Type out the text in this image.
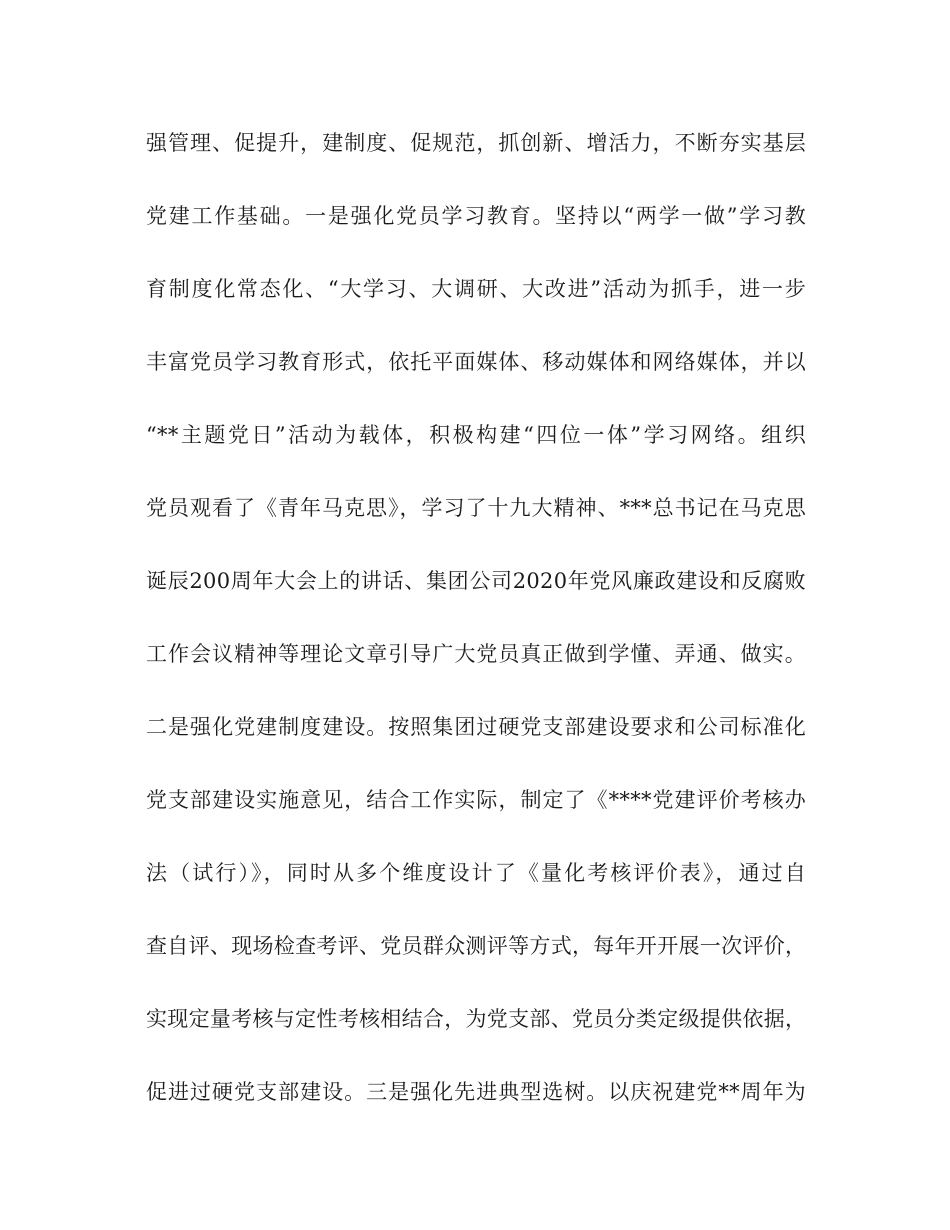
强管理、促提升，建制度、促规范，抓创新、增活力，不断夯实基层
党建工作基础。一是强化党员学习教育。坚持以“两学一做”学习教
育制度化常态化、“大学习、大调研、大改进”活动为抓手，进一步
丰富党员学习教育形式，依托平面媒体、移动媒体和网络媒体，并以
“**主题党日”活动为载体，积极构建“四位一体”学习网络。组织
党员观看了《青年马克思》，学习了十九大精神、***总书记在马克思
诞辰200周年大会上的讲话、集团公司2020年党风廉政建设和反腐败
工作会议精神等理论文章引导广大党员真正做到学懂、弄通、做实。
二是强化党建制度建设。按照集团过硬党支部建设要求和公司标准化
党支部建设实施意见，结合工作实际，制定了《****党建评价考核办
法（试行）》，同时从多个维度设计了《量化考核评价表》，通过自
查自评、现场检查考评、党员群众测评等方式，每年开开展一次评价，
实现定量考核与定性考核相结合，为党支部、党员分类定级提供依据，
促进过硬党支部建设。三是强化先进典型选树。以庆祝建党**周年为
